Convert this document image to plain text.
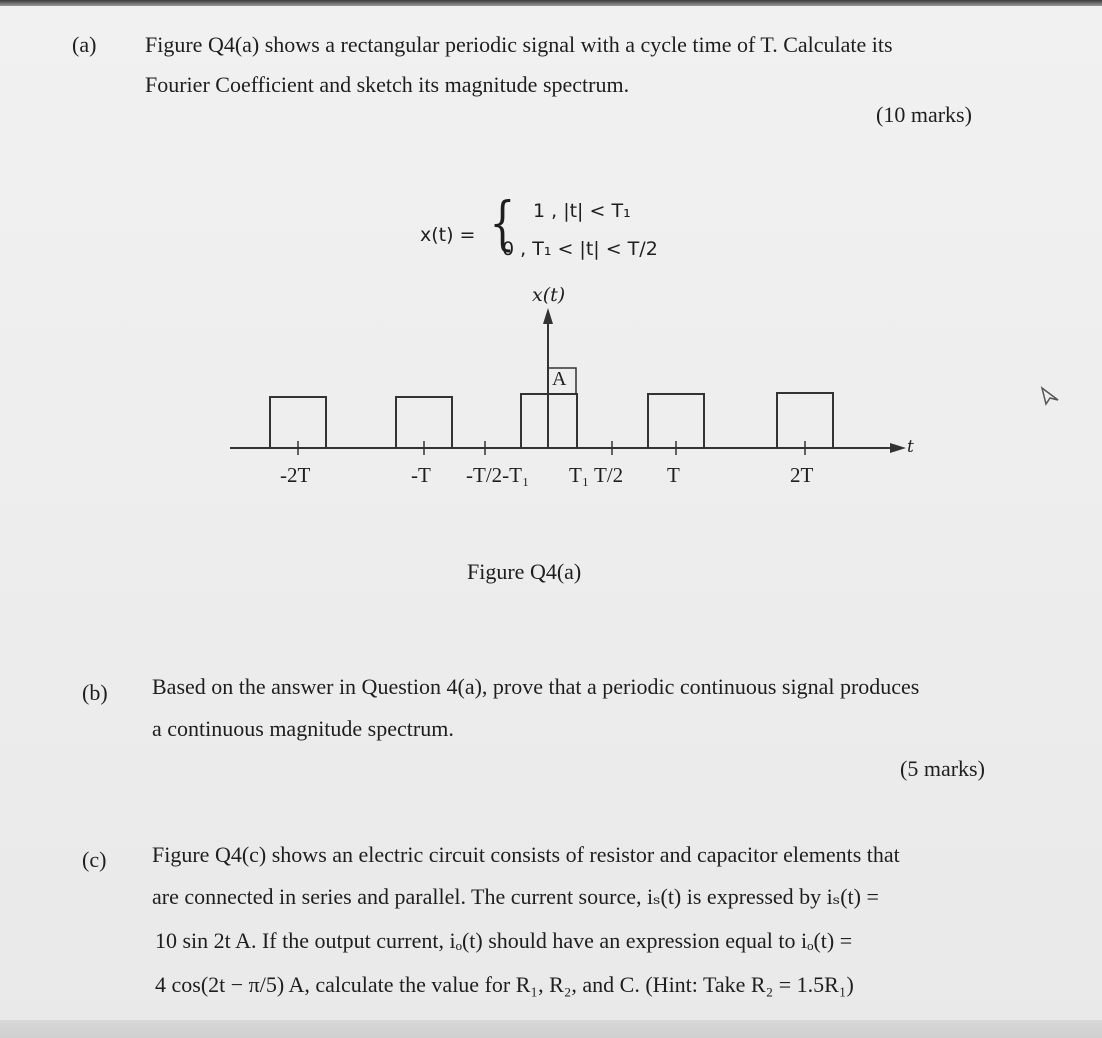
(a) Figure Q4(a) shows a rectangular periodic signal with a cycle time of T. Calculate its
Fourier Coefficient and sketch its magnitude spectrum.
(10 marks)
x(t) = { 1 , |t| < T₁
0 , T₁ < |t| < T/2
x(t)
A
t
-2T	-T -T/2-T₁ T₁ T/2 T	2T
Figure Q4(a)
(b) Based on the answer in Question 4(a), prove that a periodic continuous signal produces
a continuous magnitude spectrum.
(5 marks)
(c) Figure Q4(c) shows an electric circuit consists of resistor and capacitor elements that
are connected in series and parallel. The current source, iₛ(t) is expressed by iₛ(t) =
10 sin 2t A. If the output current, iₒ(t) should have an expression equal to iₒ(t) =
4 cos(2t − π/5) A, calculate the value for R₁, R₂, and C. (Hint: Take R₂ = 1.5R₁)
